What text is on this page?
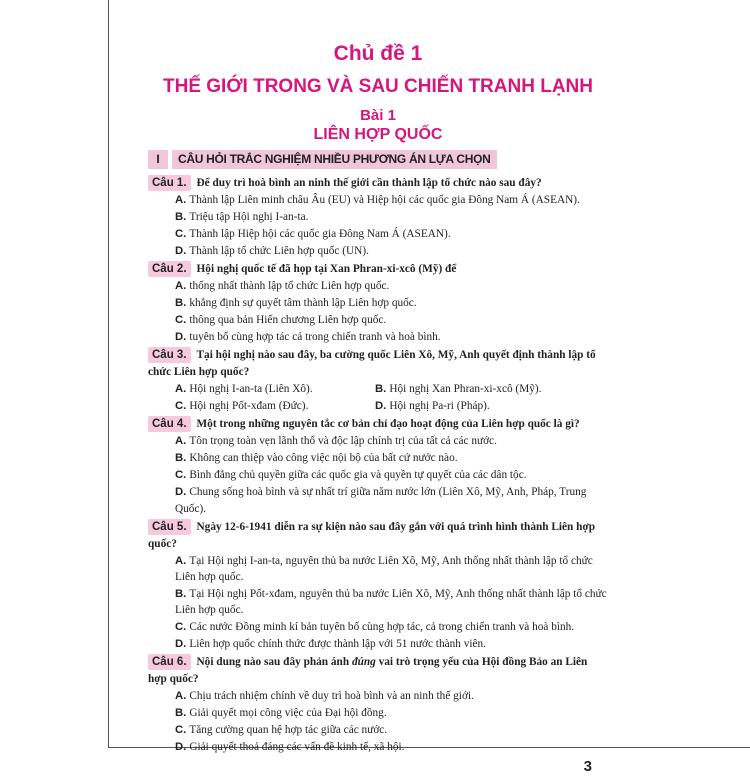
Chủ đề 1
THẾ GIỚI TRONG VÀ SAU CHIẾN TRANH LẠNH
Bài 1
LIÊN HỢP QUỐC
I	CÂU HỎI TRẮC NGHIỆM NHIỀU PHƯƠNG ÁN LỰA CHỌN
Câu 1. Để duy trì hoà bình an ninh thế giới cần thành lập tổ chức nào sau đây?
A. Thành lập Liên minh châu Âu (EU) và Hiệp hội các quốc gia Đông Nam Á (ASEAN).
B. Triệu tập Hội nghị I-an-ta.
C. Thành lập Hiệp hội các quốc gia Đông Nam Á (ASEAN).
D. Thành lập tổ chức Liên hợp quốc (UN).
Câu 2. Hội nghị quốc tế đã họp tại Xan Phran-xi-xcô (Mỹ) để
A. thống nhất thành lập tổ chức Liên hợp quốc.
B. khẳng định sự quyết tâm thành lập Liên hợp quốc.
C. thông qua bản Hiến chương Liên hợp quốc.
D. tuyên bố cùng hợp tác cả trong chiến tranh và hoà bình.
Câu 3. Tại hội nghị nào sau đây, ba cường quốc Liên Xô, Mỹ, Anh quyết định thành lập tổ chức Liên hợp quốc?
A. Hội nghị I-an-ta (Liên Xô).	B. Hội nghị Xan Phran-xi-xcô (Mỹ).
C. Hội nghị Pốt-xđam (Đức).	D. Hội nghị Pa-ri (Pháp).
Câu 4. Một trong những nguyên tắc cơ bản chỉ đạo hoạt động của Liên hợp quốc là gì?
A. Tôn trọng toàn vẹn lãnh thổ và độc lập chính trị của tất cả các nước.
B. Không can thiệp vào công việc nội bộ của bất cứ nước nào.
C. Bình đẳng chủ quyền giữa các quốc gia và quyền tự quyết của các dân tộc.
D. Chung sống hoà bình và sự nhất trí giữa năm nước lớn (Liên Xô, Mỹ, Anh, Pháp, Trung Quốc).
Câu 5. Ngày 12-6-1941 diễn ra sự kiện nào sau đây gắn với quá trình hình thành Liên hợp quốc?
A. Tại Hội nghị I-an-ta, nguyên thủ ba nước Liên Xô, Mỹ, Anh thống nhất thành lập tổ chức Liên hợp quốc.
B. Tại Hội nghị Pốt-xđam, nguyên thủ ba nước Liên Xô, Mỹ, Anh thống nhất thành lập tổ chức Liên hợp quốc.
C. Các nước Đồng minh kí bản tuyên bố cùng hợp tác, cả trong chiến tranh và hoà bình.
D. Liên hợp quốc chính thức được thành lập với 51 nước thành viên.
Câu 6. Nội dung nào sau đây phản ánh đúng vai trò trọng yếu của Hội đồng Bảo an Liên hợp quốc?
A. Chịu trách nhiệm chính về duy trì hoà bình và an ninh thế giới.
B. Giải quyết mọi công việc của Đại hội đồng.
C. Tăng cường quan hệ hợp tác giữa các nước.
D. Giải quyết thoả đáng các vấn đề kinh tế, xã hội.
3
